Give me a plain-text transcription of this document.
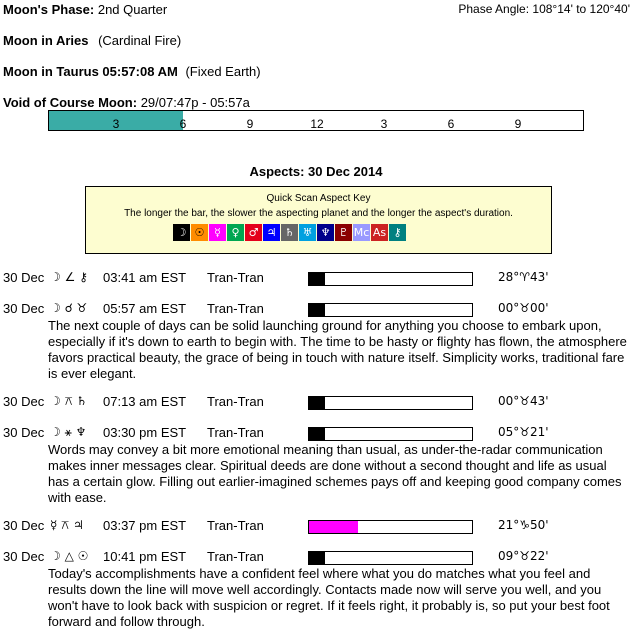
Moon's Phase: 2nd Quarter	Phase Angle: 108°14' to 120°40'
Moon in Aries (Cardinal Fire)
Moon in Taurus 05:57:08 AM (Fixed Earth)
Void of Course Moon: 29/07:47p - 05:57a
3	6	9	12	3	6	9
Aspects: 30 Dec 2014
Quick Scan Aspect Key
The longer the bar, the slower the aspecting planet and the longer the aspect's duration.
☽ ☉ ☿ ♀ ♂ ♃ ♄ ♅ ♆ ♇ Mc As ⚷
30 Dec ☽ ∠ ⚷ 03:41 am EST Tran-Tran	28°♈43'
30 Dec ☽ ☌ ♉ 05:57 am EST Tran-Tran	00°♉00'
The next couple of days can be solid launching ground for anything you choose to embark upon, especially if it's down to earth to begin with. The time to be hasty or flighty has flown, the atmosphere favors practical beauty, the grace of being in touch with nature itself. Simplicity works, traditional fare is ever elegant.
30 Dec ☽ ⚻ ♄ 07:13 am EST Tran-Tran	00°♉43'
30 Dec ☽ ⚹ ♆ 03:30 pm EST Tran-Tran	05°♉21'
Words may convey a bit more emotional meaning than usual, as under-the-radar communication makes inner messages clear. Spiritual deeds are done without a second thought and life as usual has a certain glow. Filling out earlier-imagined schemes pays off and keeping good company comes with ease.
30 Dec ☿ ⚻ ♃ 03:37 pm EST Tran-Tran	21°♑50'
30 Dec ☽ △ ☉ 10:41 pm EST Tran-Tran	09°♉22'
Today's accomplishments have a confident feel where what you do matches what you feel and results down the line will move well accordingly. Contacts made now will serve you well, and you won't have to look back with suspicion or regret. If it feels right, it probably is, so put your best foot forward and follow through.
